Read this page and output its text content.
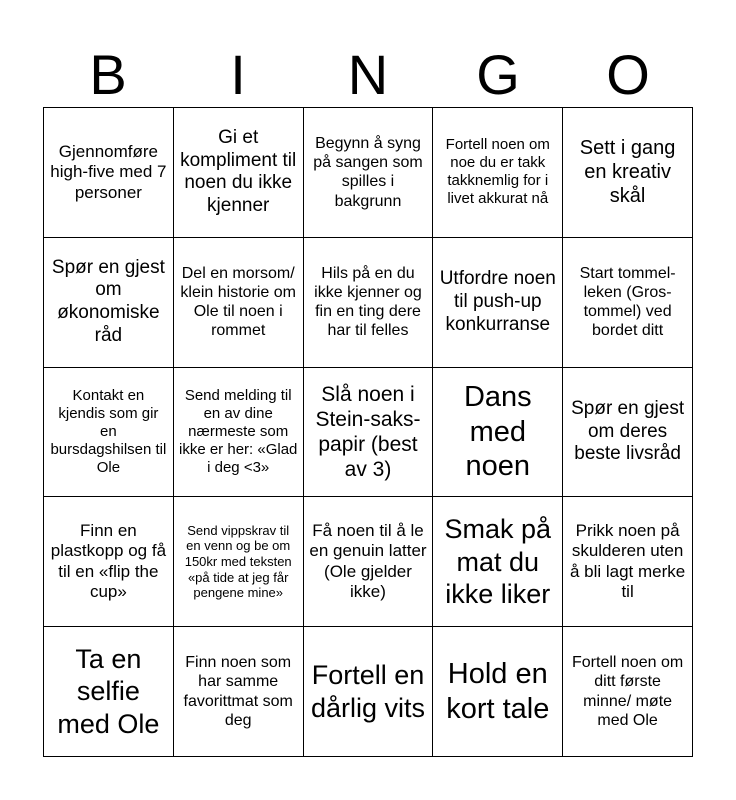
B	I	N	G	O
Gjennomføre high-five med 7 personer
Gi et kompliment til noen du ikke kjenner
Begynn å syng på sangen som spilles i bakgrunn
Fortell noen om noe du er takk takknemlig for i livet akkurat nå
Sett i gang en kreativ skål
Spør en gjest om økonomiske råd
Del en morsom/ klein historie om Ole til noen i rommet
Hils på en du ikke kjenner og fin en ting dere har til felles
Utfordre noen til push-up konkurranse
Start tommel-leken (Gros-tommel) ved bordet ditt
Kontakt en kjendis som gir en bursdagshilsen til Ole
Send melding til en av dine nærmeste som ikke er her: «Glad i deg <3»
Slå noen i Stein-saks-papir (best av 3)
Dans med noen
Spør en gjest om deres beste livsråd
Finn en plastkopp og få til en «flip the cup»
Send vippskrav til en venn og be om 150kr med teksten «på tide at jeg får pengene mine»
Få noen til å le en genuin latter (Ole gjelder ikke)
Smak på mat du ikke liker
Prikk noen på skulderen uten å bli lagt merke til
Ta en selfie med Ole
Finn noen som har samme favorittmat som deg
Fortell en dårlig vits
Hold en kort tale
Fortell noen om ditt første minne/ møte med Ole
